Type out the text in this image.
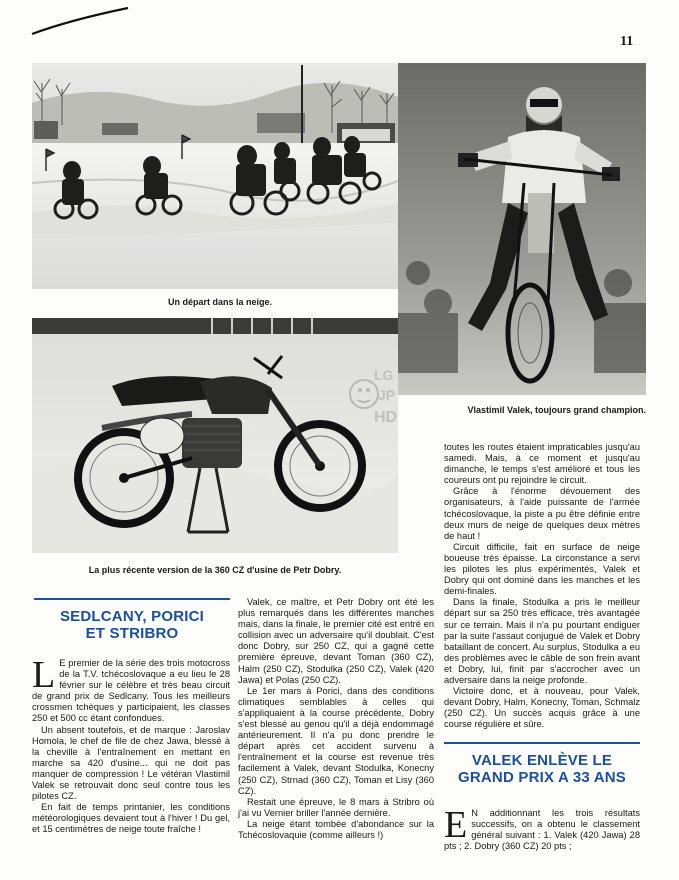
11
Un départ dans la neige.
Vlastimil Valek, toujours grand champion.
LG
JP
HD
La plus récente version de la 360 CZ d'usine de Petr Dobry.
SEDLCANY, PORICI
ET STRIBRO

L E premier de la série des trois motocross de la T.V. tchécoslovaque a eu lieu le 28 février sur le célèbre et très beau circuit de grand prix de Sedlcany. Tous les meilleurs crossmen tchèques y participaient, les classes 250 et 500 cc étant confondues.

Un absent toutefois, et de marque : Jaroslav Homola, le chef de file de chez Jawa, blessé à la cheville à l'entraînement en mettant en marche sa 420 d'usine... qui ne doit pas manquer de compression ! Le vétéran Vlastimil Valek se retrouvait donc seul contre tous les pilotes CZ.

En fait de temps printanier, les conditions météorologiques devaient tout à l'hiver ! Du gel, et 15 centimètres de neige toute fraîche !

Valek, ce maître, et Petr Dobry ont été les plus remarqués dans les différentes manches mais, dans la finale, le premier cité est entré en collision avec un adversaire qu'il doublait. C'est donc Dobry, sur 250 CZ, qui a gagné cette première épreuve, devant Toman (360 CZ), Halm (250 CZ), Stodulka (250 CZ), Valek (420 Jawa) et Polas (250 CZ).

Le 1er mars à Porici, dans des conditions climatiques semblables à celles qui s'appliquaient à la course précédente, Dobry s'est blessé au genou qu'il a déjà endommagé antérieurement. Il n'a pu donc prendre le départ après cet accident survenu à l'entraînement et la course est revenue très facilement à Valek, devant Stodulka, Konecny (250 CZ), Strnad (360 CZ), Toman et Lisy (360 CZ).

Restait une épreuve, le 8 mars à Stribro où j'ai vu Vernier briller l'année dernière.

La neige étant tombée d'abondance sur la Tchécoslovaquie (comme ailleurs !)

toutes les routes étaient impraticables jusqu'au samedi. Mais, à ce moment et jusqu'au dimanche, le temps s'est amélioré et tous les coureurs ont pu rejoindre le circuit.

Grâce à l'énorme dévouement des organisateurs, à l'aide puissante de l'armée tchécoslovaque, la piste a pu être définie entre deux murs de neige de quelques deux mètres de haut !

Circuit difficile, fait en surface de neige boueuse très épaisse. La circonstance a servi les pilotes les plus expérimentés, Valek et Dobry qui ont dominé dans les manches et les demi-finales.

Dans la finale, Stodulka a pris le meilleur départ sur sa 250 très efficace, très avantagée sur ce terrain. Mais il n'a pu pourtant endiguer par la suite l'assaut conjugué de Valek et Dobry bataillant de concert. Au surplus, Stodulka a eu des problèmes avec le câble de son frein avant et Dobry, lui, finit par s'accrocher avec un adversaire dans la neige profonde.

Victoire donc, et à nouveau, pour Valek, devant Dobry, Halm, Konecny, Toman, Schmalz (250 CZ). Un succès acquis grâce à une course régulière et sûre.

VALEK ENLÈVE LE
GRAND PRIX A 33 ANS

E N additionnant les trois résultats successifs, on a obtenu le classement général suivant : 1. Valek (420 Jawa) 28 pts ; 2. Dobry (360 CZ) 20 pts ;
